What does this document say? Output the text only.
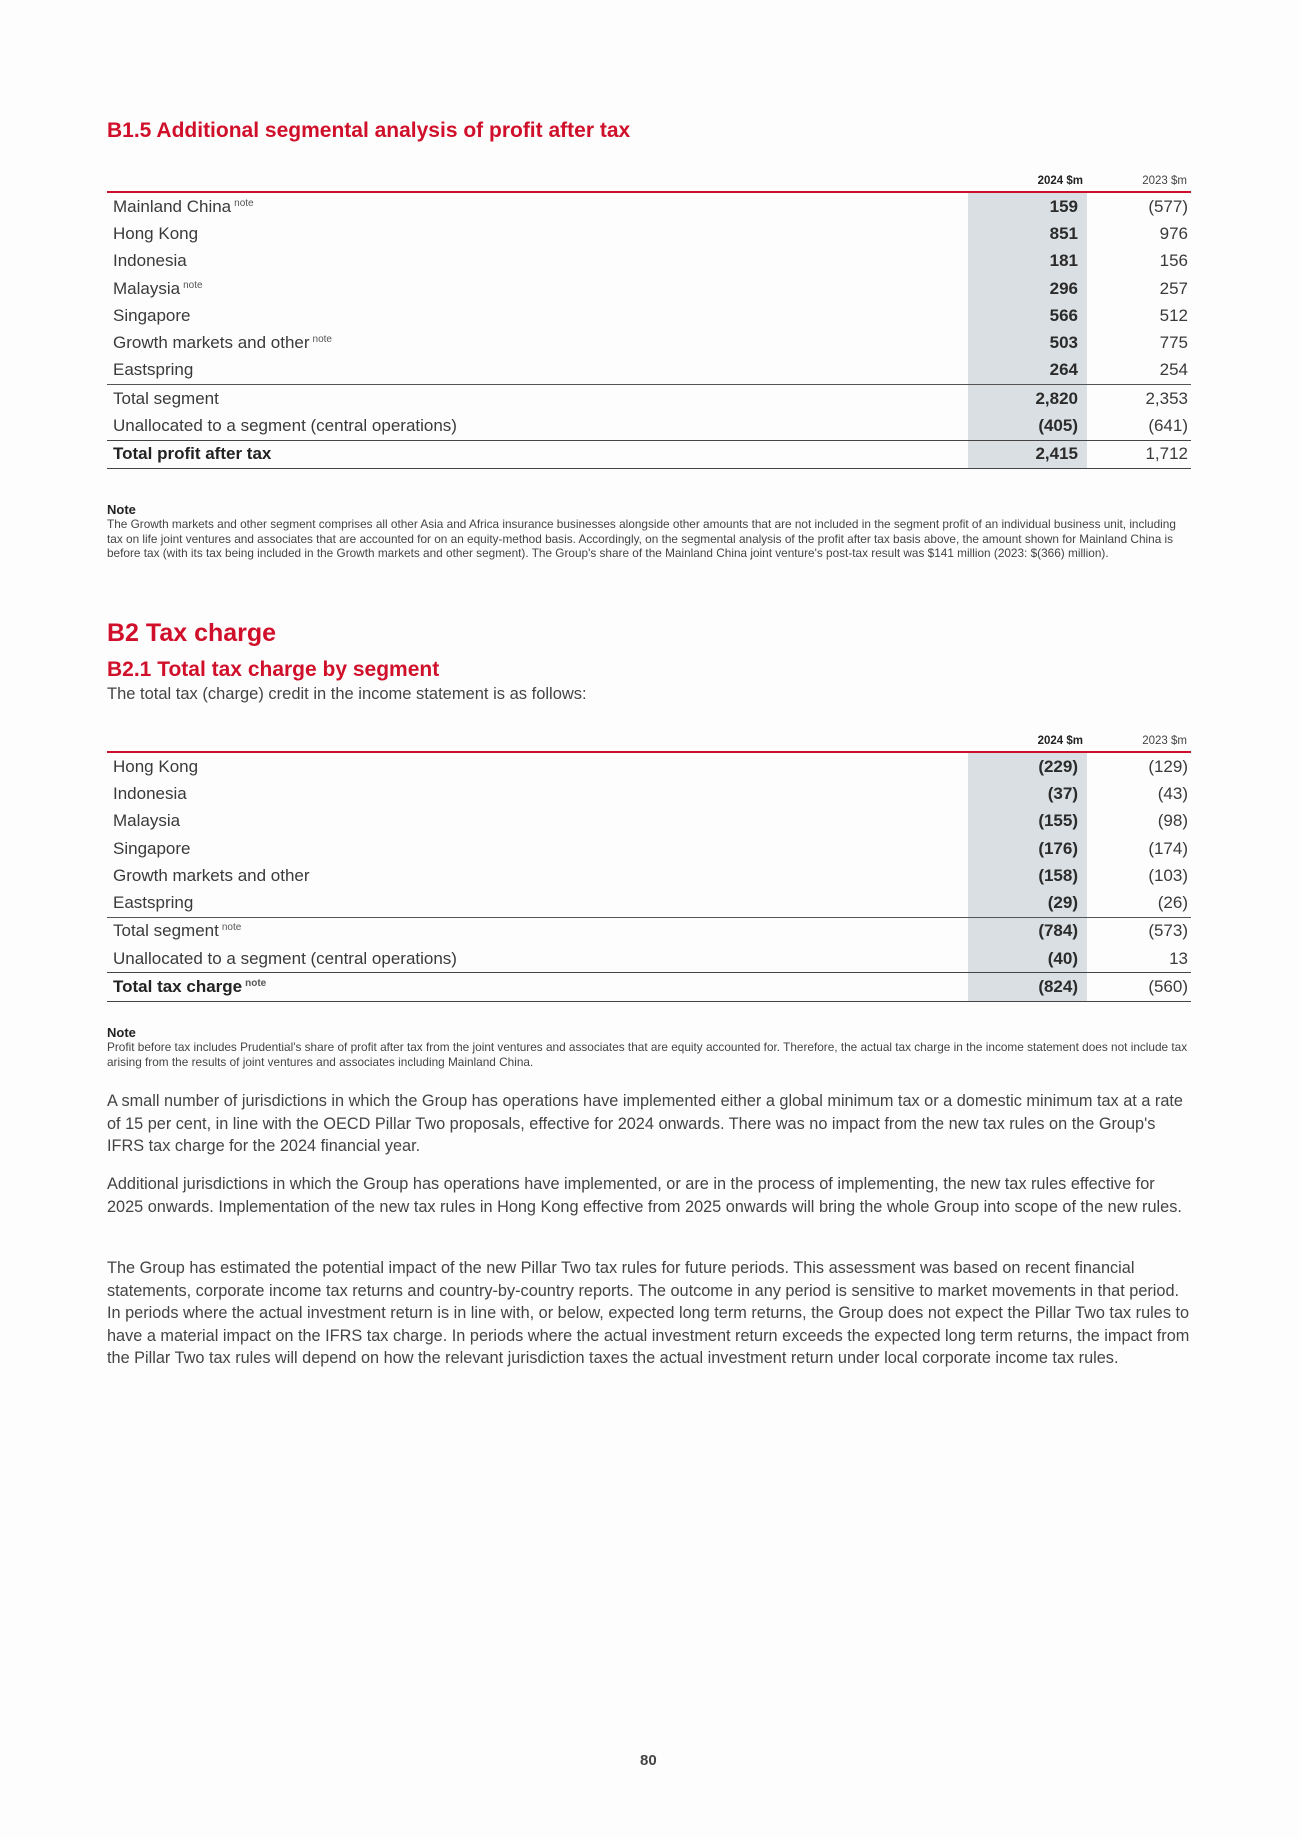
B1.5 Additional segmental analysis of profit after tax
	2024 $m	2023 $m
Mainland China $^{note}$	159	(577)
Hong Kong	851	976
Indonesia	181	156
Malaysia $^{note}$	296	257
Singapore	566	512
Growth markets and other $^{note}$	503	775
Eastspring	264	254
Total segment	2,820	2,353
Unallocated to a segment (central operations)	(405)	(641)
Total profit after tax	2,415	1,712
Note
The Growth markets and other segment comprises all other Asia and Africa insurance businesses alongside other amounts that are not included in the segment profit of an individual business unit, including tax on life joint ventures and associates that are accounted for on an equity-method basis. Accordingly, on the segmental analysis of the profit after tax basis above, the amount shown for Mainland China is before tax (with its tax being included in the Growth markets and other segment). The Group's share of the Mainland China joint venture's post-tax result was $141 million (2023: $(366) million).
B2 Tax charge
B2.1 Total tax charge by segment
The total tax (charge) credit in the income statement is as follows:
	2024 $m	2023 $m
Hong Kong	(229)	(129)
Indonesia	(37)	(43)
Malaysia	(155)	(98)
Singapore	(176)	(174)
Growth markets and other	(158)	(103)
Eastspring	(29)	(26)
Total segment $^{note}$	(784)	(573)
Unallocated to a segment (central operations)	(40)	13
Total tax charge $^{note}$	(824)	(560)
Note
Profit before tax includes Prudential's share of profit after tax from the joint ventures and associates that are equity accounted for. Therefore, the actual tax charge in the income statement does not include tax arising from the results of joint ventures and associates including Mainland China.

A small number of jurisdictions in which the Group has operations have implemented either a global minimum tax or a domestic minimum tax at a rate of 15 per cent, in line with the OECD Pillar Two proposals, effective for 2024 onwards. There was no impact from the new tax rules on the Group's IFRS tax charge for the 2024 financial year.

Additional jurisdictions in which the Group has operations have implemented, or are in the process of implementing, the new tax rules effective for 2025 onwards. Implementation of the new tax rules in Hong Kong effective from 2025 onwards will bring the whole Group into scope of the new rules.

The Group has estimated the potential impact of the new Pillar Two tax rules for future periods. This assessment was based on recent financial statements, corporate income tax returns and country-by-country reports. The outcome in any period is sensitive to market movements in that period. In periods where the actual investment return is in line with, or below, expected long term returns, the Group does not expect the Pillar Two tax rules to have a material impact on the IFRS tax charge. In periods where the actual investment return exceeds the expected long term returns, the impact from the Pillar Two tax rules will depend on how the relevant jurisdiction taxes the actual investment return under local corporate income tax rules.

80
